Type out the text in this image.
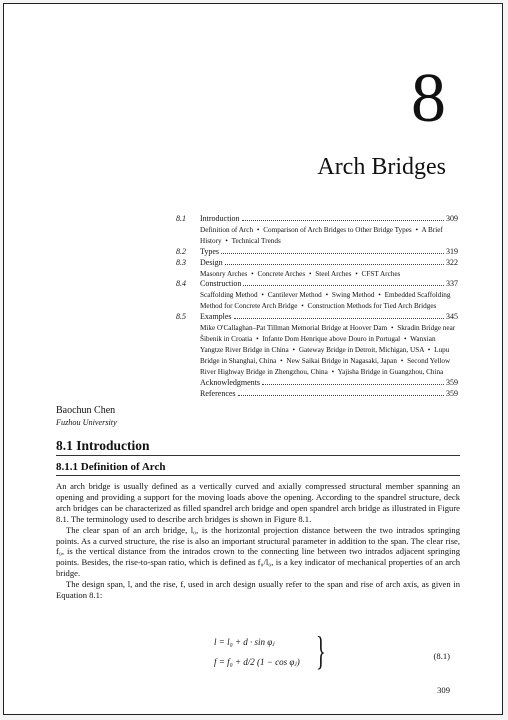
8
Arch Bridges
8.1	Introduction	309
Definition of Arch • Comparison of Arch Bridges to Other Bridge Types • A Brief History • Technical Trends
8.2	Types	319
8.3	Design	322
Masonry Arches • Concrete Arches • Steel Arches • CFST Arches
8.4	Construction	337
Scaffolding Method • Cantilever Method • Swing Method • Embedded Scaffolding Method for Concrete Arch Bridge • Construction Methods for Tied Arch Bridges
8.5	Examples	345
Mike O'Callaghan–Pat Tillman Memorial Bridge at Hoover Dam • Skradin Bridge near Šibenik in Croatia • Infante Dom Henrique above Douro in Portugal • Wanxian Yangtze River Bridge in China • Gateway Bridge in Detroit, Michigan, USA • Lupu Bridge in Shanghai, China • New Saikai Bridge in Nagasaki, Japan • Second Yellow River Highway Bridge in Zhengzhou, China • Yajisha Bridge in Guangzhou, China
Acknowledgments	359
References	359
Baochun Chen
Fuzhou University
8.1 Introduction
8.1.1 Definition of Arch

An arch bridge is usually defined as a vertically curved and axially compressed structural member spanning an opening and providing a support for the moving loads above the opening. According to the spandrel structure, deck arch bridges can be characterized as filled spandrel arch bridge and open spandrel arch bridge as illustrated in Figure 8.1. The terminology used to describe arch bridges is shown in Figure 8.1.

The clear span of an arch bridge, l₀, is the horizontal projection distance between the two intrados springing points. As a curved structure, the rise is also an important structural parameter in addition to the span. The clear rise, f₀, is the vertical distance from the intrados crown to the connecting line between two intrados adjacent springing points. Besides, the rise-to-span ratio, which is defined as f₀/l₀, is a key indicator of mechanical properties of an arch bridge.

The design span, l, and the rise, f, used in arch design usually refer to the span and rise of arch axis, as given in Equation 8.1:

l = l₀ + d · sin φⱼ
f = f₀ + d/2 (1 − cos φⱼ) }	(8.1)
309
